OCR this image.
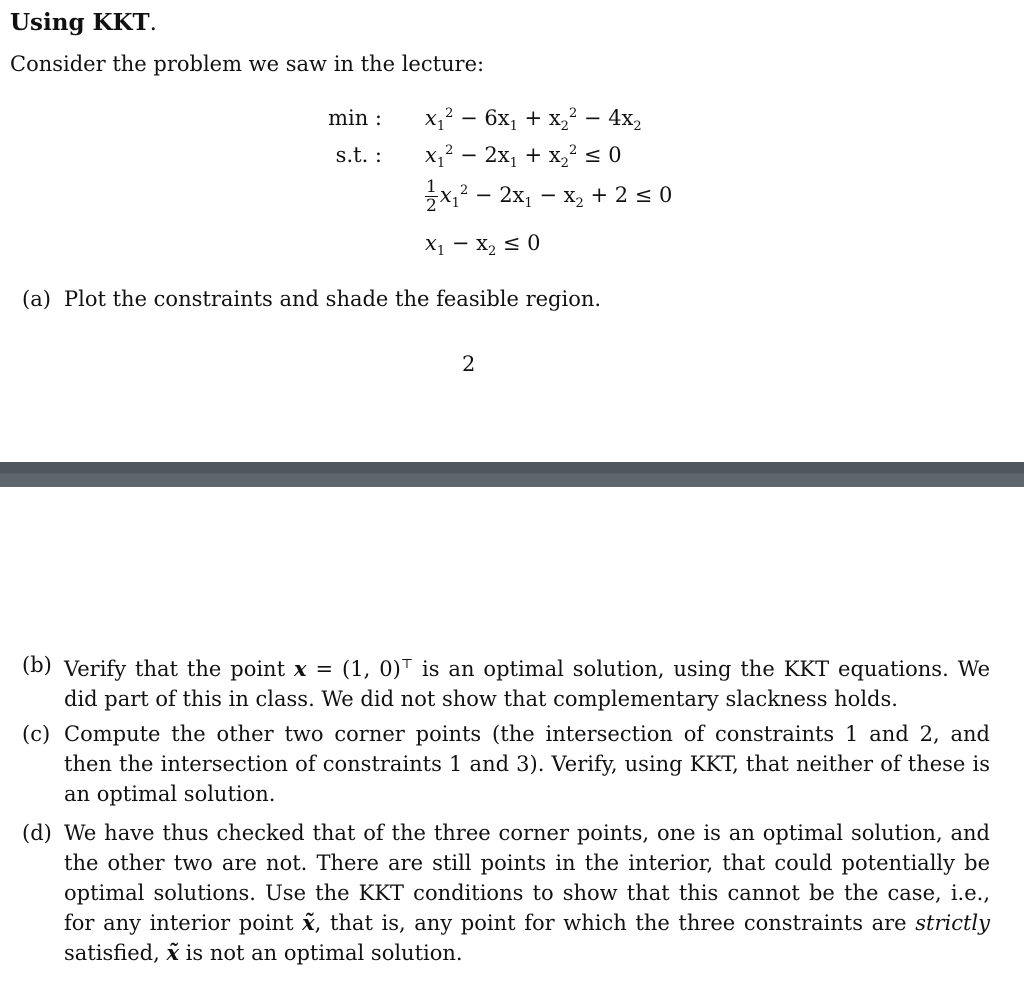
Using KKT.
Consider the problem we saw in the lecture:
min :
s.t. :
$x_1^2 - 6x_1 + x_2^2 - 4x_2$
$x_1^2 - 2x_1 + x_2^2 \le 0$
$\frac{1}{2} x_1^2 - 2x_1 - x_2 + 2 \le 0$
$x_1 - x_2 \le 0$
(a) Plot the constraints and shade the feasible region.
2
(b) Verify that the point x = (1, 0)⊤ is an optimal solution, using the KKT equations. We did part of this in class. We did not show that complementary slackness holds.
(c) Compute the other two corner points (the intersection of constraints 1 and 2, and then the intersection of constraints 1 and 3). Verify, using KKT, that neither of these is an optimal solution.
(d) We have thus checked that of the three corner points, one is an optimal solution, and the other two are not. There are still points in the interior, that could potentially be optimal solutions. Use the KKT conditions to show that this cannot be the case, i.e., for any interior point x̃, that is, any point for which the three constraints are strictly satisfied, x̃ is not an optimal solution.
